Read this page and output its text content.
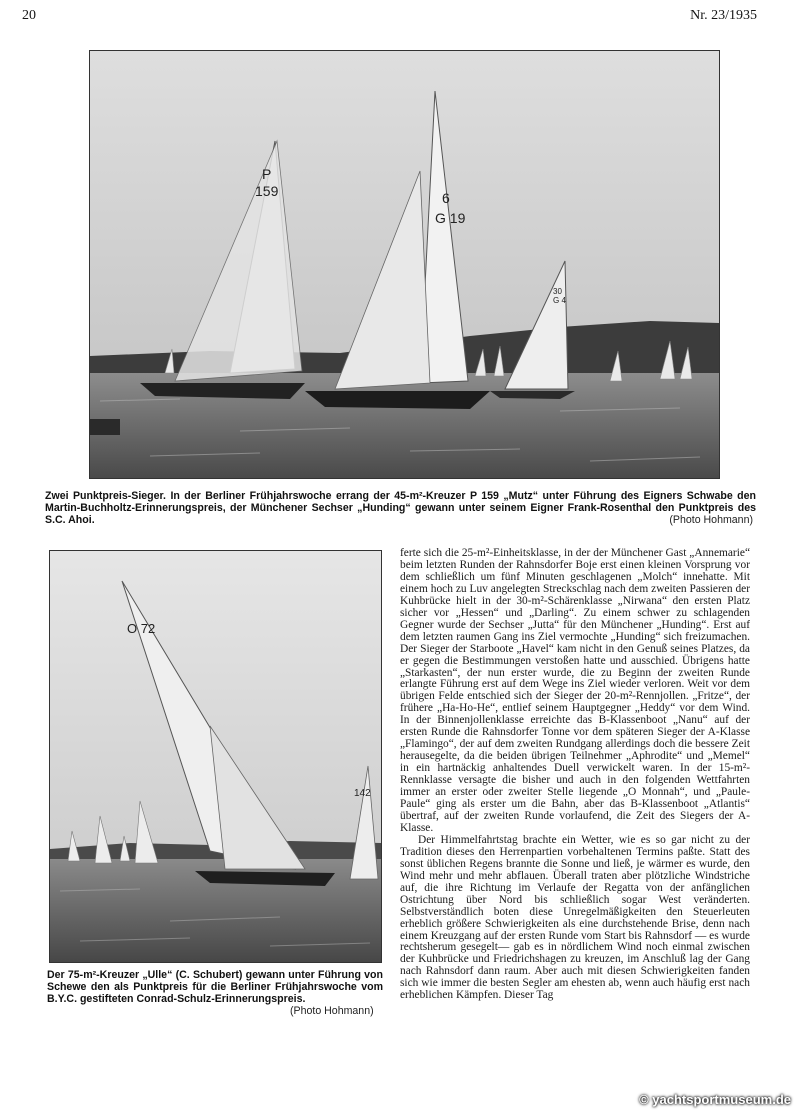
20	Nr. 23/1935
P
159	6
G 19
30
G 4

Zwei Punktpreis-Sieger. In der Berliner Frühjahrswoche errang der 45-m²-Kreuzer P 159 „Mutz“ unter Führung des Eigners Schwabe den Martin-Buchholtz-Erinnerungspreis, der Münchener Sechser „Hunding“ gewann unter seinem Eigner Frank-Rosenthal den Punktpreis des S.C. Ahoi.	(Photo Hohmann)
O 72
142

Der 75-m²-Kreuzer „Ulle“ (C. Schubert) gewann unter Führung von Schewe den als Punktpreis für die Berliner Frühjahrswoche vom B.Y.C. gestifteten Conrad-Schulz-Erinnerungspreis.

(Photo Hohmann)

ferte sich die 25-m²-Einheitsklasse, in der der Münchener Gast „Annemarie“ beim letzten Runden der Rahnsdorfer Boje erst einen kleinen Vorsprung vor dem schließlich um fünf Minuten geschlagenen „Molch“ innehatte. Mit einem hoch zu Luv angelegten Streckschlag nach dem zweiten Passieren der Kuhbrücke hielt in der 30-m²-Schärenklasse „Nirwana“ den ersten Platz sicher vor „Hessen“ und „Darling“. Zu einem schwer zu schlagenden Gegner wurde der Sechser „Jutta“ für den Münchener „Hunding“. Erst auf dem letzten raumen Gang ins Ziel vermochte „Hunding“ sich freizumachen. Der Sieger der Starboote „Havel“ kam nicht in den Genuß seines Platzes, da er gegen die Bestimmungen verstoßen hatte und ausschied. Übrigens hatte „Starkasten“, der nun erster wurde, die zu Beginn der zweiten Runde erlangte Führung erst auf dem Wege ins Ziel wieder verloren. Weit vor dem übrigen Felde entschied sich der Sieger der 20-m²-Rennjollen. „Fritze“, der frühere „Ha-Ho-He“, entlief seinem Hauptgegner „Heddy“ vor dem Wind. In der Binnenjollenklasse erreichte das B-Klassenboot „Nanu“ auf der ersten Runde die Rahnsdorfer Tonne vor dem späteren Sieger der A-Klasse „Flamingo“, der auf dem zweiten Rundgang allerdings doch die bessere Zeit herausegelte, da die beiden übrigen Teilnehmer „Aphrodite“ und „Memel“ in ein hartnäckig anhaltendes Duell verwickelt waren. In der 15-m²-Rennklasse versagte die bisher und auch in den folgenden Wettfahrten immer an erster oder zweiter Stelle liegende „O Monnah“, und „Paule-Paule“ ging als erster um die Bahn, aber das B-Klassenboot „Atlantis“ übertraf, auf der zweiten Runde vorlaufend, die Zeit des Siegers der A-Klasse.

Der Himmelfahrtstag brachte ein Wetter, wie es so gar nicht zu der Tradition dieses den Herrenpartien vorbehaltenen Termins paßte. Statt des sonst üblichen Regens brannte die Sonne und ließ, je wärmer es wurde, den Wind mehr und mehr abflauen. Überall traten aber plötzliche Windstriche auf, die ihre Richtung im Verlaufe der Regatta von der anfänglichen Ostrichtung über Nord bis schließlich sogar West veränderten. Selbstverständlich boten diese Unregelmäßigkeiten den Steuerleuten erheblich größere Schwierigkeiten als eine durchstehende Brise, denn nach einem Kreuzgang auf der ersten Runde vom Start bis Rahnsdorf — es wurde rechtsherum gesegelt— gab es in nördlichem Wind noch einmal zwischen der Kuhbrücke und Friedrichshagen zu kreuzen, im Anschluß lag der Gang nach Rahnsdorf dann raum. Aber auch mit diesen Schwierigkeiten fanden sich wie immer die besten Segler am ehesten ab, wenn auch häufig erst nach erheblichen Kämpfen. Dieser Tag

© yachtsportmuseum.de
